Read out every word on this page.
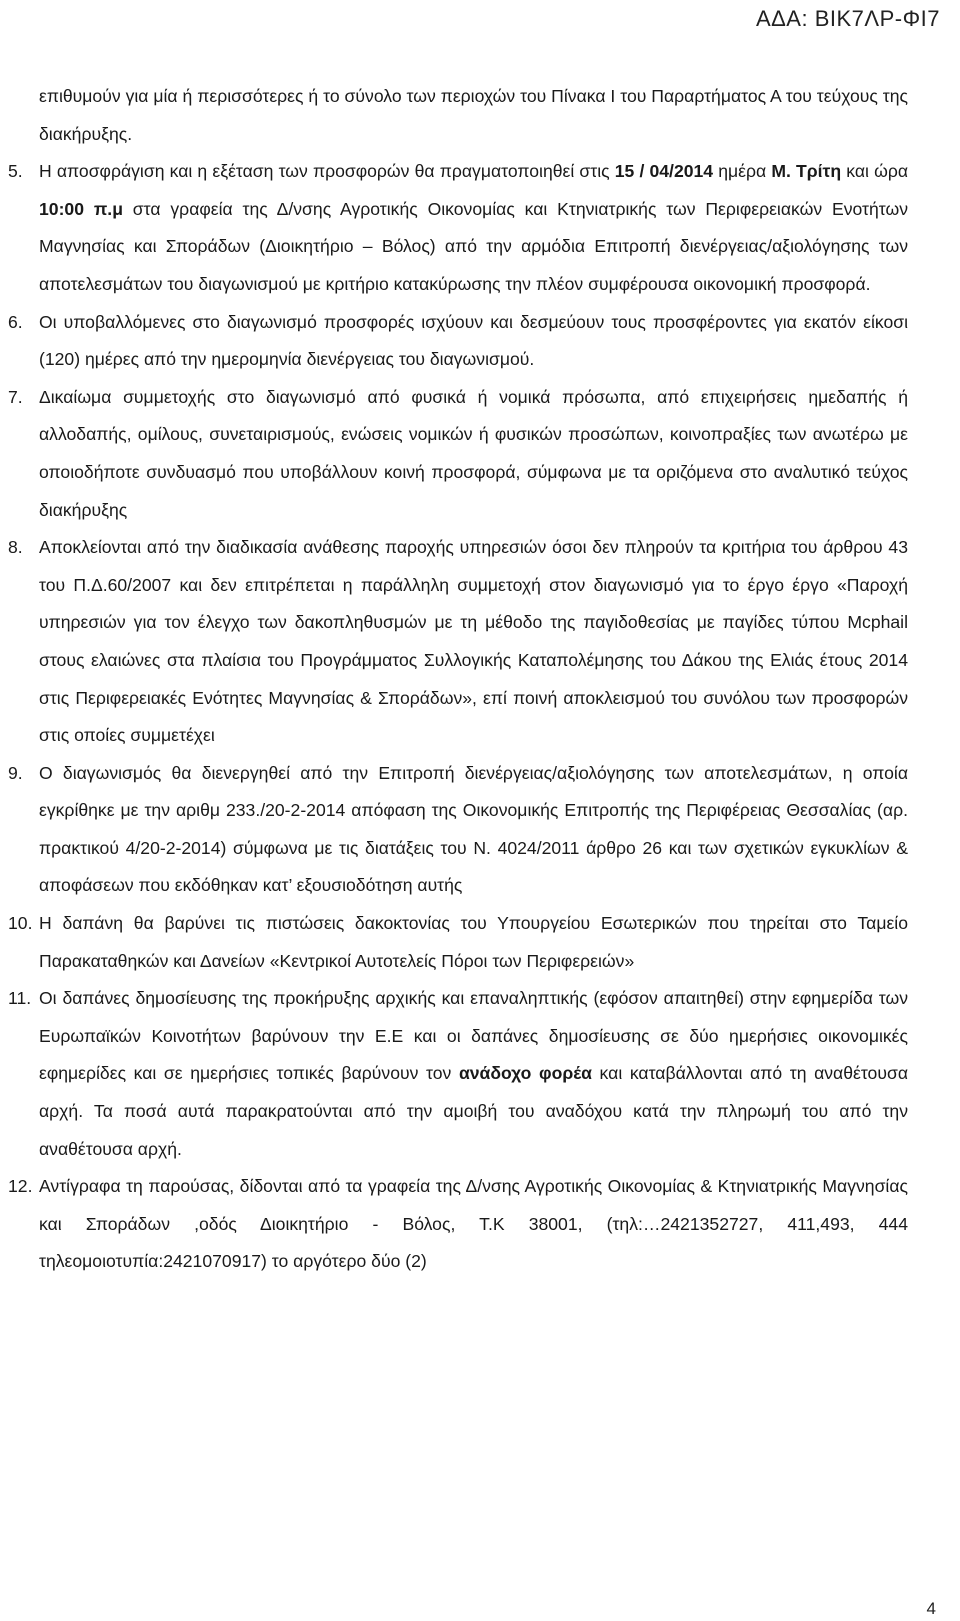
ΑΔΑ: ΒΙΚ7ΛΡ-ΦΙ7

επιθυμούν για μία ή περισσότερες ή το σύνολο των περιοχών του Πίνακα Ι του Παραρτήματος Α του τεύχους της διακήρυξης.

5. Η αποσφράγιση και η εξέταση των προσφορών θα πραγματοποιηθεί στις 15 / 04/2014 ημέρα Μ. Τρίτη και ώρα 10:00 π.μ στα γραφεία της Δ/νσης Αγροτικής Οικονομίας και Κτηνιατρικής των Περιφερειακών Ενοτήτων Μαγνησίας και Σποράδων (Διοικητήριο – Βόλος) από την αρμόδια Επιτροπή διενέργειας/αξιολόγησης των αποτελεσμάτων του διαγωνισμού με κριτήριο κατακύρωσης την πλέον συμφέρουσα οικονομική προσφορά.

6. Οι υποβαλλόμενες στο διαγωνισμό προσφορές ισχύουν και δεσμεύουν τους προσφέροντες για εκατόν είκοσι (120) ημέρες από την ημερομηνία διενέργειας του διαγωνισμού.

7. Δικαίωμα συμμετοχής στο διαγωνισμό από φυσικά ή νομικά πρόσωπα, από επιχειρήσεις ημεδαπής ή αλλοδαπής, ομίλους, συνεταιρισμούς, ενώσεις νομικών ή φυσικών προσώπων, κοινοπραξίες των ανωτέρω με οποιοδήποτε συνδυασμό που υποβάλλουν κοινή προσφορά, σύμφωνα με τα οριζόμενα στο αναλυτικό τεύχος διακήρυξης

8. Αποκλείονται από την διαδικασία ανάθεσης παροχής υπηρεσιών όσοι δεν πληρούν τα κριτήρια του άρθρου 43 του Π.Δ.60/2007 και δεν επιτρέπεται η παράλληλη συμμετοχή στον διαγωνισμό για το έργο έργο «Παροχή υπηρεσιών για τον έλεγχο των δακοπληθυσμών με τη μέθοδο της παγιδοθεσίας με παγίδες τύπου Mcphail στους ελαιώνες στα πλαίσια του Προγράμματος Συλλογικής Καταπολέμησης του Δάκου της Ελιάς έτους 2014 στις Περιφερειακές Ενότητες Μαγνησίας & Σποράδων», επί ποινή αποκλεισμού του συνόλου των προσφορών στις οποίες συμμετέχει

9. Ο διαγωνισμός θα διενεργηθεί από την Επιτροπή διενέργειας/αξιολόγησης των αποτελεσμάτων, η οποία εγκρίθηκε με την αριθμ 233./20-2-2014 απόφαση της Οικονομικής Επιτροπής της Περιφέρειας Θεσσαλίας (αρ. πρακτικού 4/20-2-2014) σύμφωνα με τις διατάξεις του Ν. 4024/2011 άρθρο 26 και των σχετικών εγκυκλίων & αποφάσεων που εκδόθηκαν κατ’ εξουσιοδότηση αυτής

10. Η δαπάνη θα βαρύνει τις πιστώσεις δακοκτονίας του Υπουργείου Εσωτερικών που τηρείται στο Ταμείο Παρακαταθηκών και Δανείων «Κεντρικοί Αυτοτελείς Πόροι των Περιφερειών»

11. Οι δαπάνες δημοσίευσης της προκήρυξης αρχικής και επαναληπτικής (εφόσον απαιτηθεί) στην εφημερίδα των Ευρωπαϊκών Κοινοτήτων βαρύνουν την Ε.Ε και οι δαπάνες δημοσίευσης σε δύο ημερήσιες οικονομικές εφημερίδες και σε ημερήσιες τοπικές βαρύνουν τον ανάδοχο φορέα και καταβάλλονται από τη αναθέτουσα αρχή. Τα ποσά αυτά παρακρατούνται από την αμοιβή του αναδόχου κατά την πληρωμή του από την αναθέτουσα αρχή.

12. Αντίγραφα τη παρούσας, δίδονται από τα γραφεία της Δ/νσης Αγροτικής Οικονομίας & Κτηνιατρικής Μαγνησίας και Σποράδων ,οδός Διοικητήριο - Βόλος, Τ.Κ 38001, (τηλ:…2421352727, 411,493, 444 τηλεομοιοτυπία:2421070917) το αργότερο δύο (2)

4
